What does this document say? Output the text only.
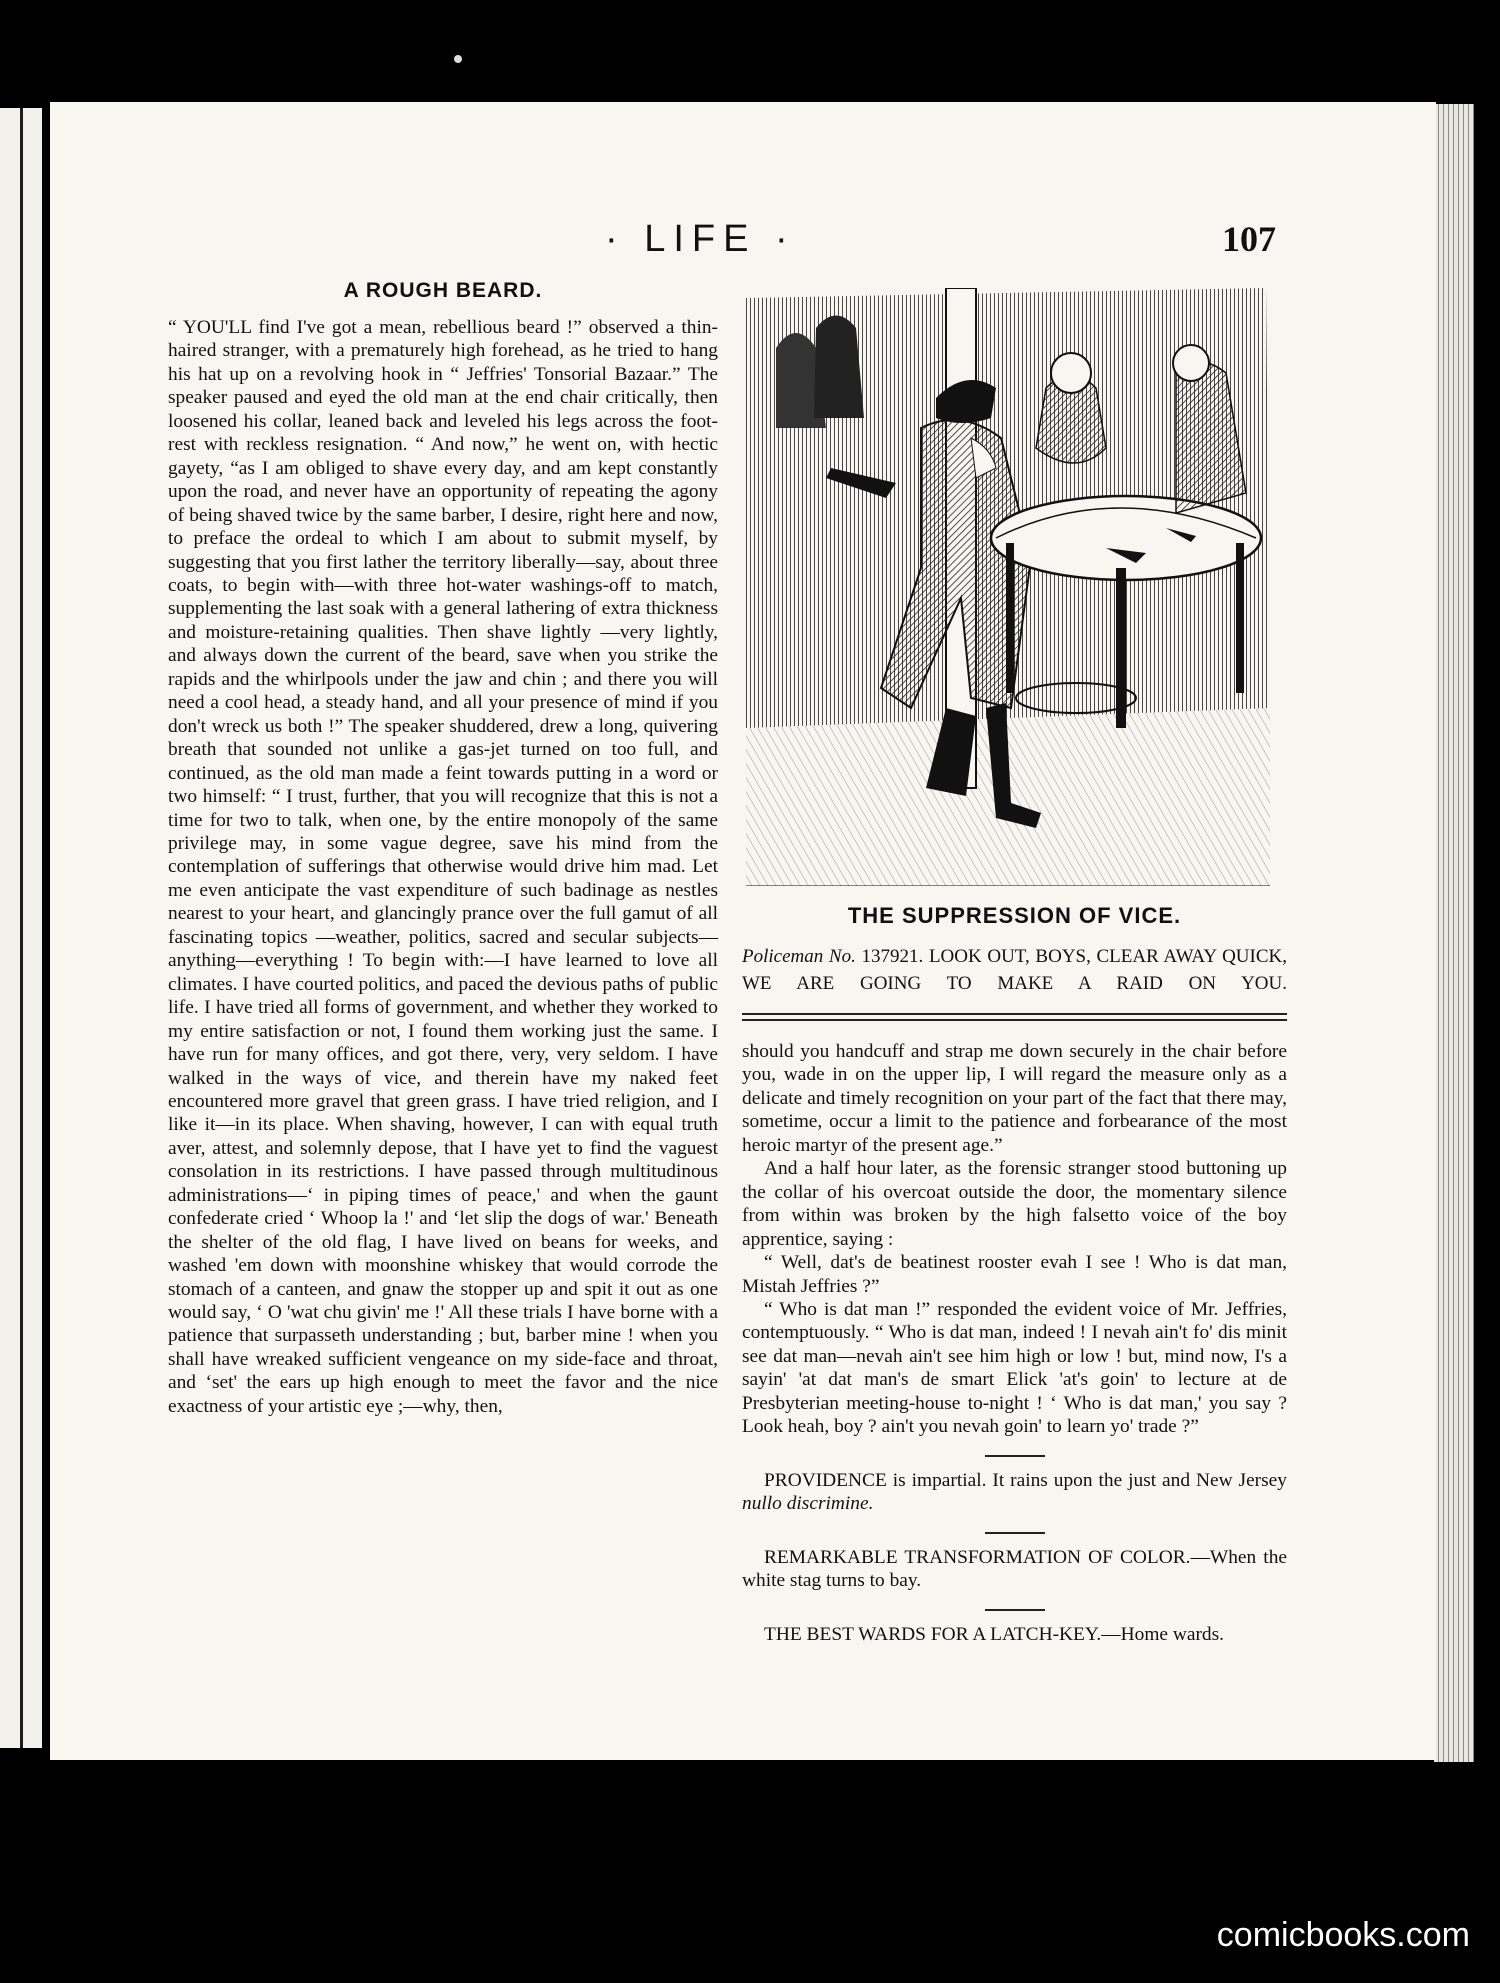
· LIFE ·	107
A ROUGH BEARD.

“ YOU'LL find I've got a mean, rebellious beard !” observed a thin-haired stranger, with a prematurely high forehead, as he tried to hang his hat up on a revolving hook in “ Jeffries' Tonsorial Bazaar.” The speaker paused and eyed the old man at the end chair critically, then loosened his collar, leaned back and leveled his legs across the foot-rest with reckless resignation. “ And now,” he went on, with hectic gayety, “as I am obliged to shave every day, and am kept constantly upon the road, and never have an opportunity of repeating the agony of being shaved twice by the same barber, I desire, right here and now, to preface the ordeal to which I am about to submit myself, by suggesting that you first lather the territory liberally—say, about three coats, to begin with—with three hot-water washings-off to match, supplementing the last soak with a general lathering of extra thickness and moisture-retaining qualities. Then shave lightly —very lightly, and always down the current of the beard, save when you strike the rapids and the whirlpools under the jaw and chin ; and there you will need a cool head, a steady hand, and all your presence of mind if you don't wreck us both !” The speaker shuddered, drew a long, quivering breath that sounded not unlike a gas-jet turned on too full, and continued, as the old man made a feint towards putting in a word or two himself: “ I trust, further, that you will recognize that this is not a time for two to talk, when one, by the entire monopoly of the same privilege may, in some vague degree, save his mind from the contemplation of sufferings that otherwise would drive him mad. Let me even anticipate the vast expenditure of such badinage as nestles nearest to your heart, and glancingly prance over the full gamut of all fascinating topics —weather, politics, sacred and secular subjects—anything—everything ! To begin with:—I have learned to love all climates. I have courted politics, and paced the devious paths of public life. I have tried all forms of government, and whether they worked to my entire satisfaction or not, I found them working just the same. I have run for many offices, and got there, very, very seldom. I have walked in the ways of vice, and therein have my naked feet encountered more gravel that green grass. I have tried religion, and I like it—in its place. When shaving, however, I can with equal truth aver, attest, and solemnly depose, that I have yet to find the vaguest consolation in its restrictions. I have passed through multitudinous administrations—‘ in piping times of peace,' and when the gaunt confederate cried ‘ Whoop la !' and ‘let slip the dogs of war.' Beneath the shelter of the old flag, I have lived on beans for weeks, and washed 'em down with moonshine whiskey that would corrode the stomach of a canteen, and gnaw the stopper up and spit it out as one would say, ‘ O 'wat chu givin' me !' All these trials I have borne with a patience that surpasseth understanding ; but, barber mine ! when you shall have wreaked sufficient vengeance on my side-face and throat, and ‘set' the ears up high enough to meet the favor and the nice exactness of your artistic eye ;—why, then,

THE SUPPRESSION OF VICE.
Policeman No. 137921. LOOK OUT, BOYS, CLEAR AWAY QUICK, WE ARE GOING TO MAKE A RAID ON YOU.

should you handcuff and strap me down securely in the chair before you, wade in on the upper lip, I will regard the measure only as a delicate and timely recognition on your part of the fact that there may, sometime, occur a limit to the patience and forbearance of the most heroic martyr of the present age.”

And a half hour later, as the forensic stranger stood buttoning up the collar of his overcoat outside the door, the momentary silence from within was broken by the high falsetto voice of the boy apprentice, saying :

“ Well, dat's de beatinest rooster evah I see ! Who is dat man, Mistah Jeffries ?”

“ Who is dat man !” responded the evident voice of Mr. Jeffries, contemptuously. “ Who is dat man, indeed ! I nevah ain't fo' dis minit see dat man—nevah ain't see him high or low ! but, mind now, I's a sayin' 'at dat man's de smart Elick 'at's goin' to lecture at de Presbyterian meeting-house to-night ! ‘ Who is dat man,' you say ? Look heah, boy ? ain't you nevah goin' to learn yo' trade ?”

PROVIDENCE is impartial. It rains upon the just and New Jersey nullo discrimine.

REMARKABLE TRANSFORMATION OF COLOR.—When the white stag turns to bay.

THE BEST WARDS FOR A LATCH-KEY.—Home wards.

comicbooks.com
